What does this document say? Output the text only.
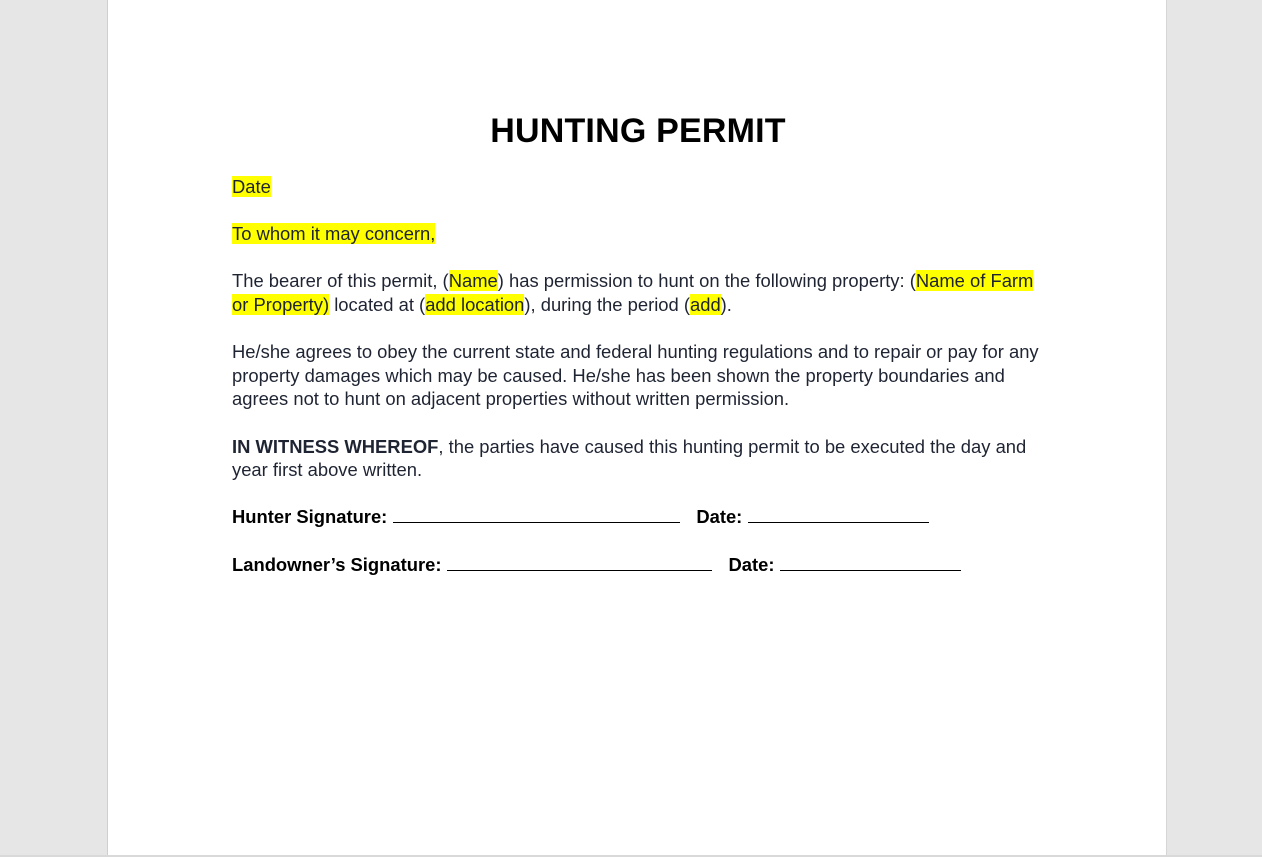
HUNTING PERMIT

Date

To whom it may concern,

The bearer of this permit, (Name) has permission to hunt on the following property: (Name of Farm or Property) located at (add location), during the period (add).

He/she agrees to obey the current state and federal hunting regulations and to repair or pay for any property damages which may be caused. He/she has been shown the property boundaries and agrees not to hunt on adjacent properties without written permission.

IN WITNESS WHEREOF, the parties have caused this hunting permit to be executed the day and year first above written.

Hunter Signature:	Date:

Landowner’s Signature:	Date:
